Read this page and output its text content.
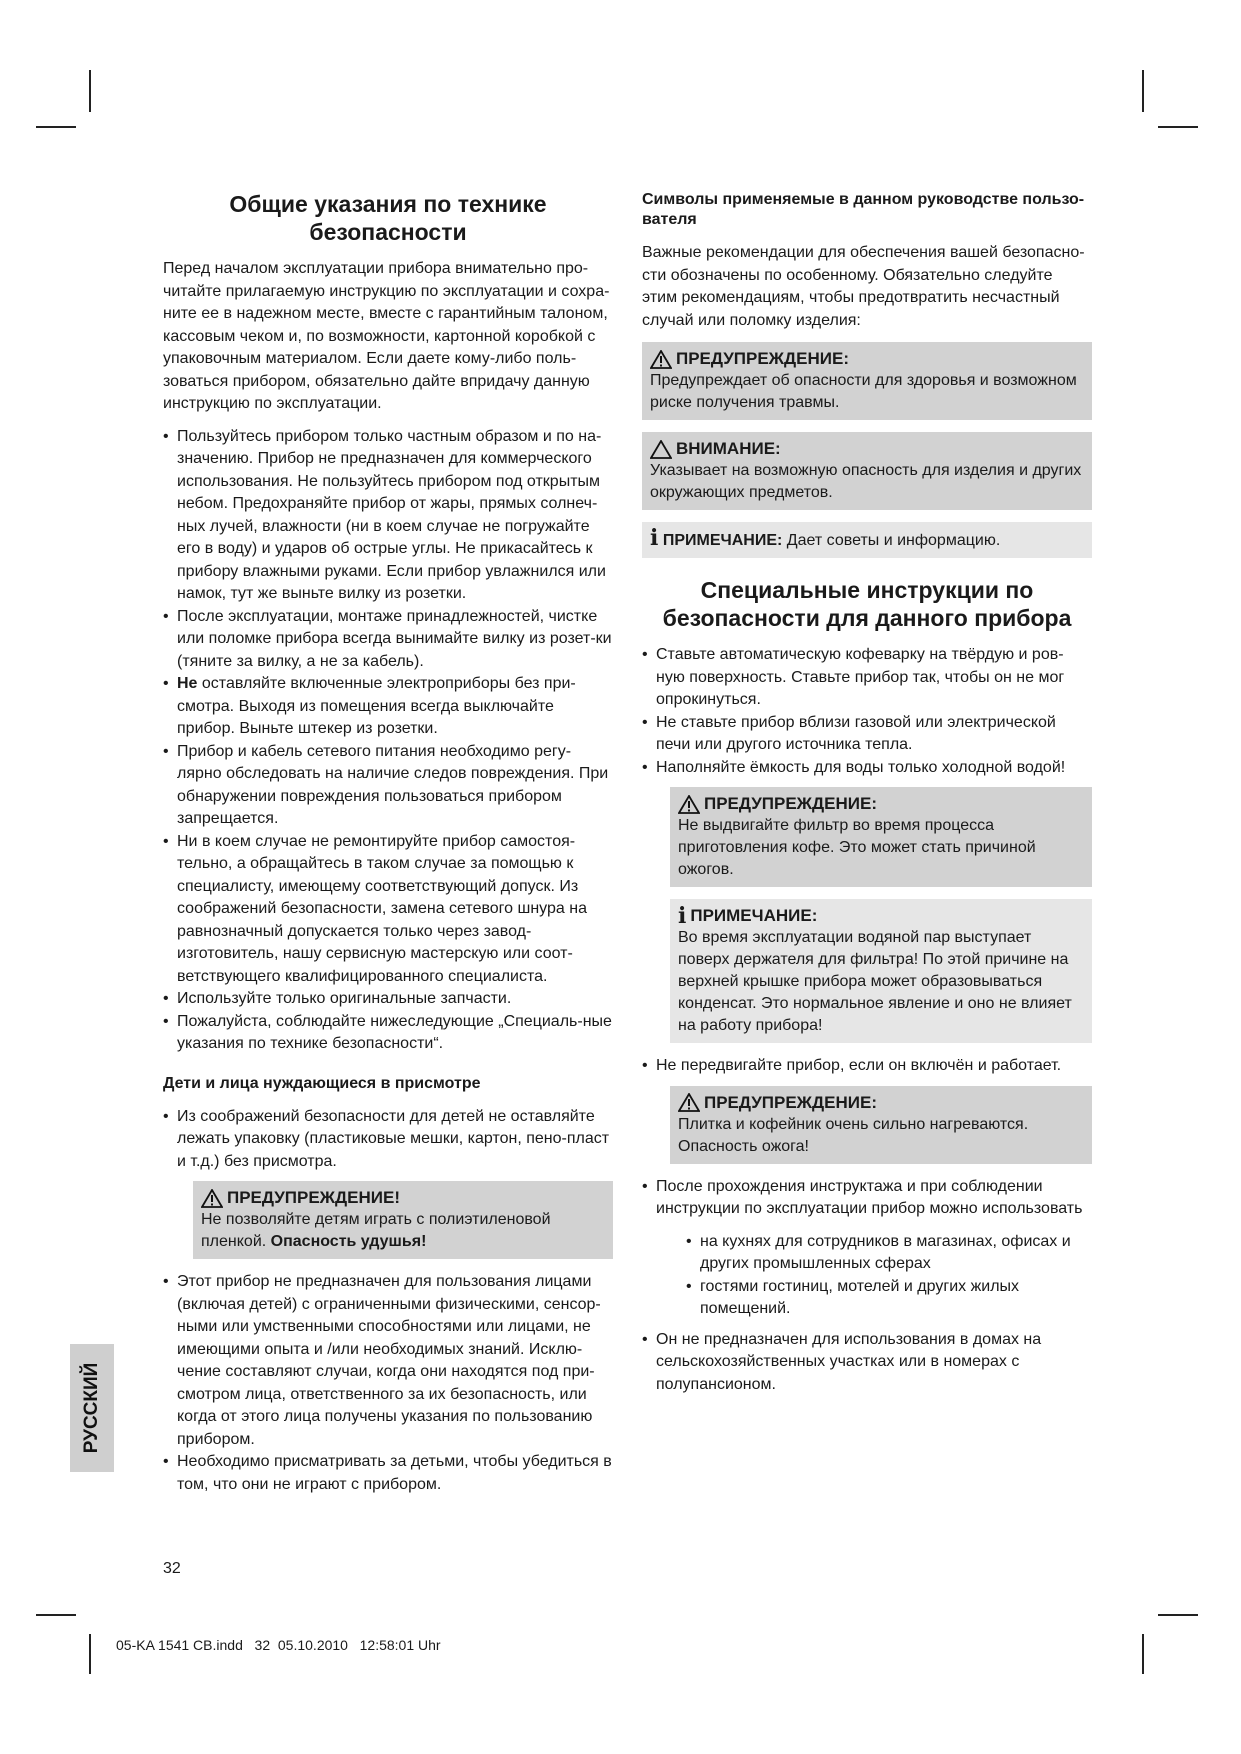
Общие указания по технике безопасности

Перед началом эксплуатации прибора внимательно про-читайте прилагаемую инструкцию по эксплуатации и сохра-ните ее в надежном месте, вместе с гарантийным талоном, кассовым чеком и, по возможности, картонной коробкой с упаковочным материалом. Если даете кому-либо поль-зоваться прибором, обязательно дайте впридачу данную инструкцию по эксплуатации.

• Пользуйтесь прибором только частным образом и по на-значению. Прибор не предназначен для коммерческого использования. Не пользуйтесь прибором под открытым небом. Предохраняйте прибор от жары, прямых солнеч-ных лучей, влажности (ни в коем случае не погружайте его в воду) и ударов об острые углы. Не прикасайтесь к прибору влажными руками. Если прибор увлажнился или намок, тут же выньте вилку из розетки.
• После эксплуатации, монтаже принадлежностей, чистке или поломке прибора всегда вынимайте вилку из розет-ки (тяните за вилку, а не за кабель).
• Не оставляйте включенные электроприборы без при-смотра. Выходя из помещения всегда выключайте прибор. Выньте штекер из розетки.
• Прибор и кабель сетевого питания необходимо регу-лярно обследовать на наличие следов повреждения. При обнаружении повреждения пользоваться прибором запрещается.
• Ни в коем случае не ремонтируйте прибор самостоя-тельно, а обращайтесь в таком случае за помощью к специалисту, имеющему соответствующий допуск. Из соображений безопасности, замена сетевого шнура на равнозначный допускается только через завод-изготовитель, нашу сервисную мастерскую или соот-ветствующего квалифицированного специалиста.
• Используйте только оригинальные запчасти.
• Пожалуйста, соблюдайте нижеследующие „Специаль-ные указания по технике безопасности“.
Дети и лица нуждающиеся в присмотре
• Из соображений безопасности для детей не оставляйте лежать упаковку (пластиковые мешки, картон, пено-пласт и т.д.) без присмотра.
ПРЕДУПРЕЖДЕНИЕ!
Не позволяйте детям играть с полиэтиленовой пленкой. Опасность удушья!
• Этот прибор не предназначен для пользования лицами (включая детей) с ограниченными физическими, сенсор-ными или умственными способностями или лицами, не имеющими опыта и /или необходимых знаний. Исклю-чение составляют случаи, когда они находятся под при-смотром лица, ответственного за их безопасность, или когда от этого лица получены указания по пользованию прибором.
• Необходимо присматривать за детьми, чтобы убедиться в том, что они не играют с прибором.
Символы применяемые в данном руководстве пользо-вателя

Важные рекомендации для обеспечения вашей безопасно-сти обозначены по особенному. Обязательно следуйте этим рекомендациям, чтобы предотвратить несчастный случай или поломку изделия:

ПРЕДУПРЕЖДЕНИЕ:
Предупреждает об опасности для здоровья и возможном риске получения травмы.
ВНИМАНИЕ:
Указывает на возможную опасность для изделия и других окружающих предметов.
i ПРИМЕЧАНИЕ: Дает советы и информацию.
Специальные инструкции по безопасности для данного прибора
• Ставьте автоматическую кофеварку на твёрдую и ров-ную поверхность. Ставьте прибор так, чтобы он не мог опрокинуться.
• Не ставьте прибор вблизи газовой или электрической печи или другого источника тепла.
• Наполняйте ёмкость для воды только холодной водой!
ПРЕДУПРЕЖДЕНИЕ:
Не выдвигайте фильтр во время процесса приготовления кофе. Это может стать причиной ожогов.
i ПРИМЕЧАНИЕ:
Во время эксплуатации водяной пар выступает поверх держателя для фильтра! По этой причине на верхней крышке прибора может образовываться конденсат. Это нормальное явление и оно не влияет на работу прибора!
• Не передвигайте прибор, если он включён и работает.
ПРЕДУПРЕЖДЕНИЕ:
Плитка и кофейник очень сильно нагреваются. Опасность ожога!
• После прохождения инструктажа и при соблюдении инструкции по эксплуатации прибор можно использовать
• на кухнях для сотрудников в магазинах, офисах и других промышленных сферах
• гостями гостиниц, мотелей и других жилых помещений.
• Он не предназначен для использования в домах на сельскохозяйственных участках или в номерах с полупансионом.
РУССКИЙ
32
05-KA 1541 CB.indd   32  05.10.2010   12:58:01 Uhr
